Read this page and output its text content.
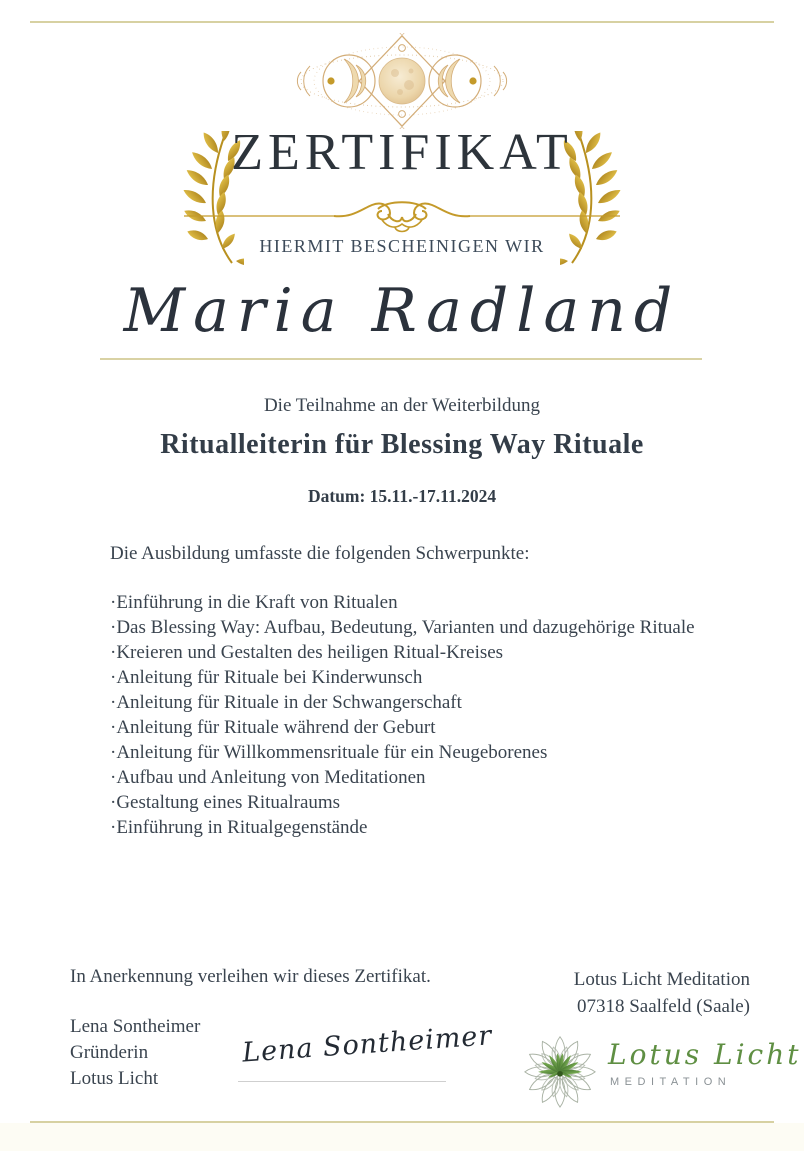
ZERTIFIKAT
HIERMIT BESCHEINIGEN WIR
Maria Radland
Die Teilnahme an der Weiterbildung
Ritualleiterin für Blessing Way Rituale
Datum: 15.11.-17.11.2024
Die Ausbildung umfasste die folgenden Schwerpunkte:
·Einführung in die Kraft von Ritualen
·Das Blessing Way: Aufbau, Bedeutung, Varianten und dazugehörige Rituale
·Kreieren und Gestalten des heiligen Ritual-Kreises
·Anleitung für Rituale bei Kinderwunsch
·Anleitung für Rituale in der Schwangerschaft
·Anleitung für Rituale während der Geburt
·Anleitung für Willkommensrituale für ein Neugeborenes
·Aufbau und Anleitung von Meditationen
·Gestaltung eines Ritualraums
·Einführung in Ritualgegenstände
In Anerkennung verleihen wir dieses Zertifikat.
Lena Sontheimer
Gründerin
Lotus Licht
Lena Sontheimer
Lotus Licht Meditation
07318 Saalfeld (Saale)
Lotus Licht
MEDITATION
